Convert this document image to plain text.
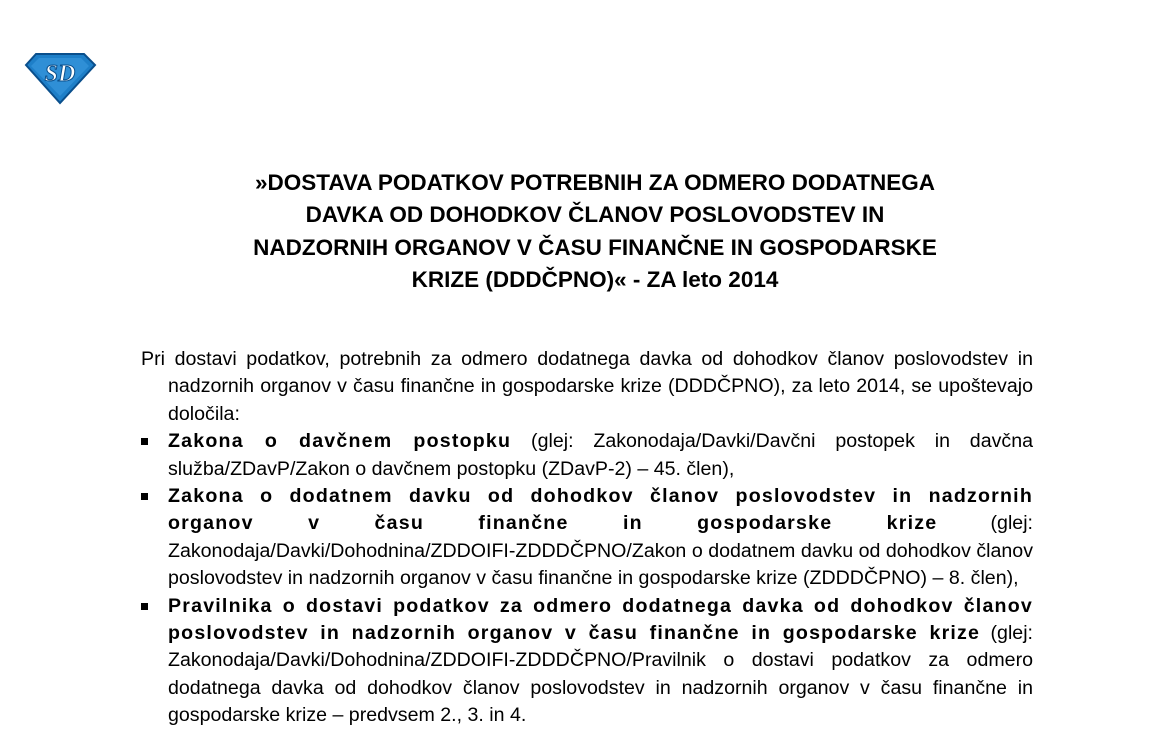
SD
»DOSTAVA PODATKOV POTREBNIH ZA ODMERO DODATNEGA
DAVKA OD DOHODKOV ČLANOV POSLOVODSTEV IN
NADZORNIH ORGANOV V ČASU FINANČNE IN GOSPODARSKE
KRIZE (DDDČPNO)« - ZA leto 2014

Pri dostavi podatkov, potrebnih za odmero dodatnega davka od dohodkov članov poslovodstev in nadzornih organov v času finančne in gospodarske krize (DDDČPNO), za leto 2014, se upoštevajo določila:

Zakona o davčnem postopku (glej: Zakonodaja/Davki/Davčni postopek in davčna služba/ZDavP/Zakon o davčnem postopku (ZDavP-2) – 45. člen),
Zakona o dodatnem davku od dohodkov članov poslovodstev in nadzornih organov v času finančne in gospodarske krize (glej: Zakonodaja/Davki/Dohodnina/ZDDOIFI-ZDDDČPNO/Zakon o dodatnem davku od dohodkov članov poslovodstev in nadzornih organov v času finančne in gospodarske krize (ZDDDČPNO) – 8. člen),
Pravilnika o dostavi podatkov za odmero dodatnega davka od dohodkov članov poslovodstev in nadzornih organov v času finančne in gospodarske krize (glej: Zakonodaja/Davki/Dohodnina/ZDDOIFI-ZDDDČPNO/Pravilnik o dostavi podatkov za odmero dodatnega davka od dohodkov članov poslovodstev in nadzornih organov v času finančne in gospodarske krize – predvsem 2., 3. in 4.
